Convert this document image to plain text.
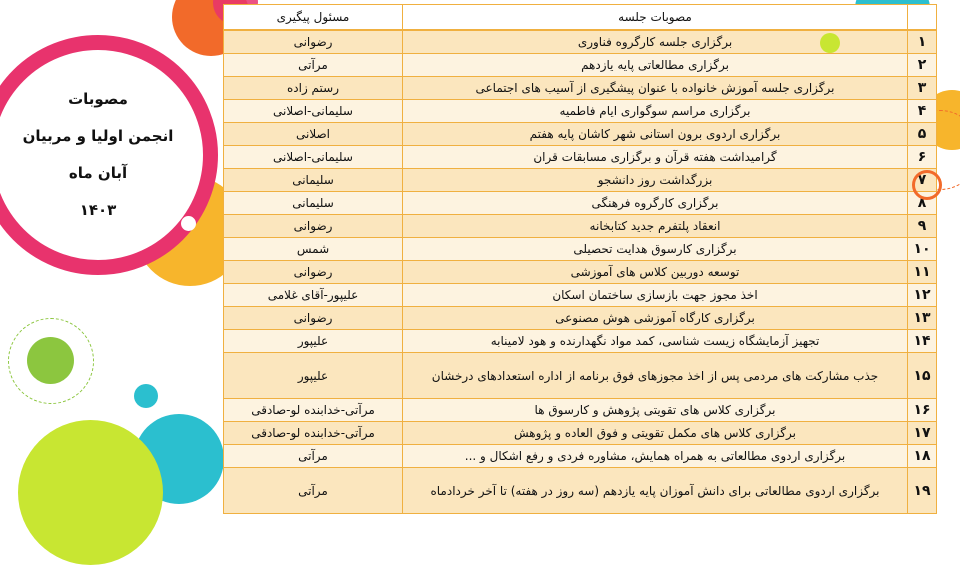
مصوبات
انجمن اولیا و مربیان
آبان ماه
۱۴۰۳
	مصوبات جلسه	مسئول پیگیری
۱	برگزاری جلسه کارگروه فناوری	رضوانی
۲	برگزاری مطالعاتی پایه یازدهم	مرآتی
۳	برگزاری جلسه آموزش خانواده با عنوان پیشگیری از آسیب های اجتماعی	رستم زاده
۴	برگزاری مراسم سوگواری ایام فاطمیه	سلیمانی-اصلانی
۵	برگزاری اردوی برون استانی شهر کاشان پایه هفتم	اصلانی
۶	گرامیداشت هفته قرآن و برگزاری مسابقات قران	سلیمانی-اصلانی
۷	بزرگداشت روز دانشجو	سلیمانی
۸	برگزاری کارگروه فرهنگی	سلیمانی
۹	انعقاد پلتفرم جدید کتابخانه	رضوانی
۱۰	برگزاری کارسوق هدایت تحصیلی	شمس
۱۱	توسعه دوربین کلاس های آموزشی	رضوانی
۱۲	اخذ مجوز جهت بازسازی ساختمان اسکان	علیپور-آقای غلامی
۱۳	برگزاری کارگاه آموزشی هوش مصنوعی	رضوانی
۱۴	تجهیز آزمایشگاه زیست شناسی، کمد مواد نگهدارنده و هود لامینابه	علیپور
۱۵	جذب مشارکت های مردمی پس از اخذ مجوزهای فوق برنامه از اداره استعدادهای درخشان	علیپور
۱۶	برگزاری کلاس های تقویتی پژوهش و کارسوق ها	مرآتی-خدابنده لو-صادقی
۱۷	برگزاری کلاس های مکمل تقویتی و فوق العاده و پژوهش	مرآتی-خدابنده لو-صادقی
۱۸	برگزاری اردوی مطالعاتی به همراه همایش، مشاوره فردی و رفع اشکال و ...	مرآتی
۱۹	برگزاری اردوی مطالعاتی برای دانش آموزان پایه یازدهم (سه روز در هفته) تا آخر خردادماه	مرآتی
